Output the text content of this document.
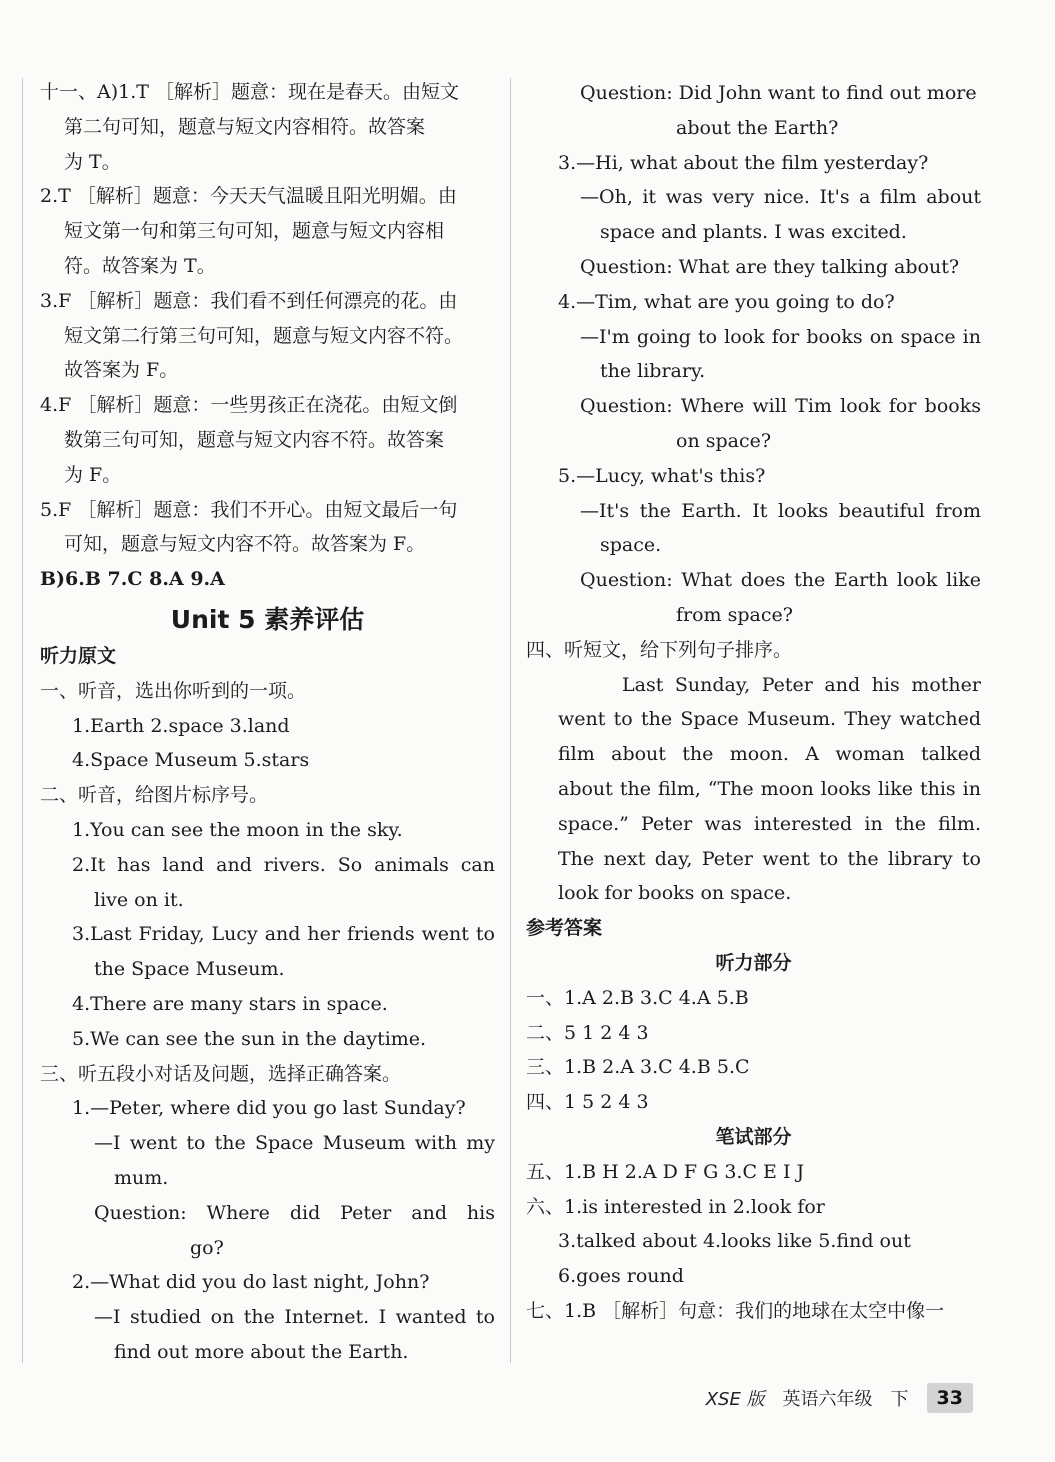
十一、A)1.T ［解析］题意：现在是春天。由短文
第二句可知，题意与短文内容相符。故答案
为 T。
2.T ［解析］题意：今天天气温暖且阳光明媚。由
短文第一句和第三句可知，题意与短文内容相
符。故答案为 T。
3.F ［解析］题意：我们看不到任何漂亮的花。由
短文第二行第三句可知，题意与短文内容不符。
故答案为 F。
4.F ［解析］题意：一些男孩正在浇花。由短文倒
数第三句可知，题意与短文内容不符。故答案
为 F。
5.F ［解析］题意：我们不开心。由短文最后一句
可知，题意与短文内容不符。故答案为 F。
B)6.B 7.C 8.A 9.A
Unit 5 素养评估
听力原文
一、听音，选出你听到的一项。
1.Earth 2.space 3.land
4.Space Museum 5.stars
二、听音，给图片标序号。
1.You can see the moon in the sky.
2.It has land and rivers. So animals can
live on it.
3.Last Friday, Lucy and her friends went to
the Space Museum.
4.There are many stars in space.
5.We can see the sun in the daytime.
三、听五段小对话及问题，选择正确答案。
1.—Peter, where did you go last Sunday?
—I went to the Space Museum with my
mum.
Question: Where did Peter and his
go?
2.—What did you do last night, John?
—I studied on the Internet. I wanted to
find out more about the Earth.
Question: Did John want to find out more
about the Earth?
3.—Hi, what about the film yesterday?
—Oh, it was very nice. It's a film about
space and plants. I was excited.
Question: What are they talking about?
4.—Tim, what are you going to do?
—I'm going to look for books on space in
the library.
Question: Where will Tim look for books
on space?
5.—Lucy, what's this?
—It's the Earth. It looks beautiful from
space.
Question: What does the Earth look like
from space?
四、听短文，给下列句子排序。
Last Sunday, Peter and his mother
went to the Space Museum. They watched
film about the moon. A woman talked
about the film, “The moon looks like this in
space.” Peter was interested in the film.
The next day, Peter went to the library to
look for books on space.
参考答案
听力部分
一、1.A 2.B 3.C 4.A 5.B
二、5 1 2 4 3
三、1.B 2.A 3.C 4.B 5.C
四、1 5 2 4 3
笔试部分
五、1.B H 2.A D F G 3.C E I J
六、1.is interested in 2.look for
3.talked about 4.looks like 5.find out
6.goes round
七、1.B ［解析］句意：我们的地球在太空中像一
XSE 版 英语六年级 下	33
